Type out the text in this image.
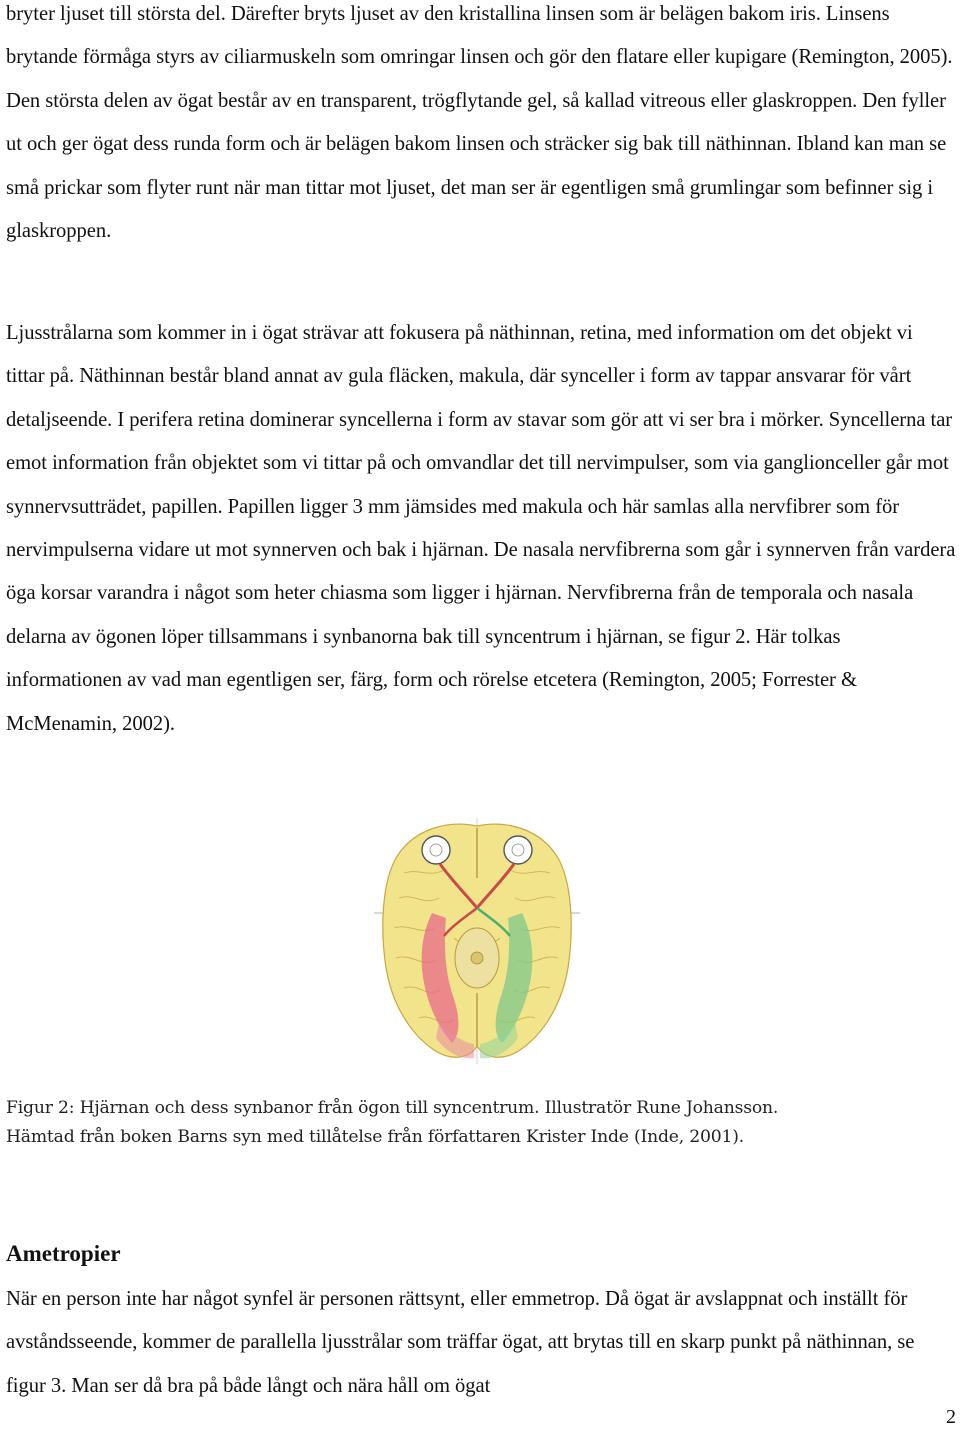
bryter ljuset till största del. Därefter bryts ljuset av den kristallina linsen som är belägen bakom iris. Linsens brytande förmåga styrs av ciliarmuskeln som omringar linsen och gör den flatare eller kupigare (Remington, 2005). Den största delen av ögat består av en transparent, trögflytande gel, så kallad vitreous eller glaskroppen. Den fyller ut och ger ögat dess runda form och är belägen bakom linsen och sträcker sig bak till näthinnan. Ibland kan man se små prickar som flyter runt när man tittar mot ljuset, det man ser är egentligen små grumlingar som befinner sig i glaskroppen.

Ljusstrålarna som kommer in i ögat strävar att fokusera på näthinnan, retina, med information om det objekt vi tittar på. Näthinnan består bland annat av gula fläcken, makula, där synceller i form av tappar ansvarar för vårt detaljseende. I perifera retina dominerar syncellerna i form av stavar som gör att vi ser bra i mörker. Syncellerna tar emot information från objektet som vi tittar på och omvandlar det till nervimpulser, som via ganglionceller går mot synnervsutträdet, papillen. Papillen ligger 3 mm jämsides med makula och här samlas alla nervfibrer som för nervimpulserna vidare ut mot synnerven och bak i hjärnan. De nasala nervfibrerna som går i synnerven från vardera öga korsar varandra i något som heter chiasma som ligger i hjärnan. Nervfibrerna från de temporala och nasala delarna av ögonen löper tillsammans i synbanorna bak till syncentrum i hjärnan, se figur 2. Här tolkas informationen av vad man egentligen ser, färg, form och rörelse etcetera (Remington, 2005; Forrester & McMenamin, 2002).

Figur 2: Hjärnan och dess synbanor från ögon till syncentrum. Illustratör Rune Johansson.
Hämtad från boken Barns syn med tillåtelse från författaren Krister Inde (Inde, 2001).
Ametropier

När en person inte har något synfel är personen rättsynt, eller emmetrop. Då ögat är avslappnat och inställt för avståndsseende, kommer de parallella ljusstrålar som träffar ögat, att brytas till en skarp punkt på näthinnan, se figur 3. Man ser då bra på både långt och nära håll om ögat

2
